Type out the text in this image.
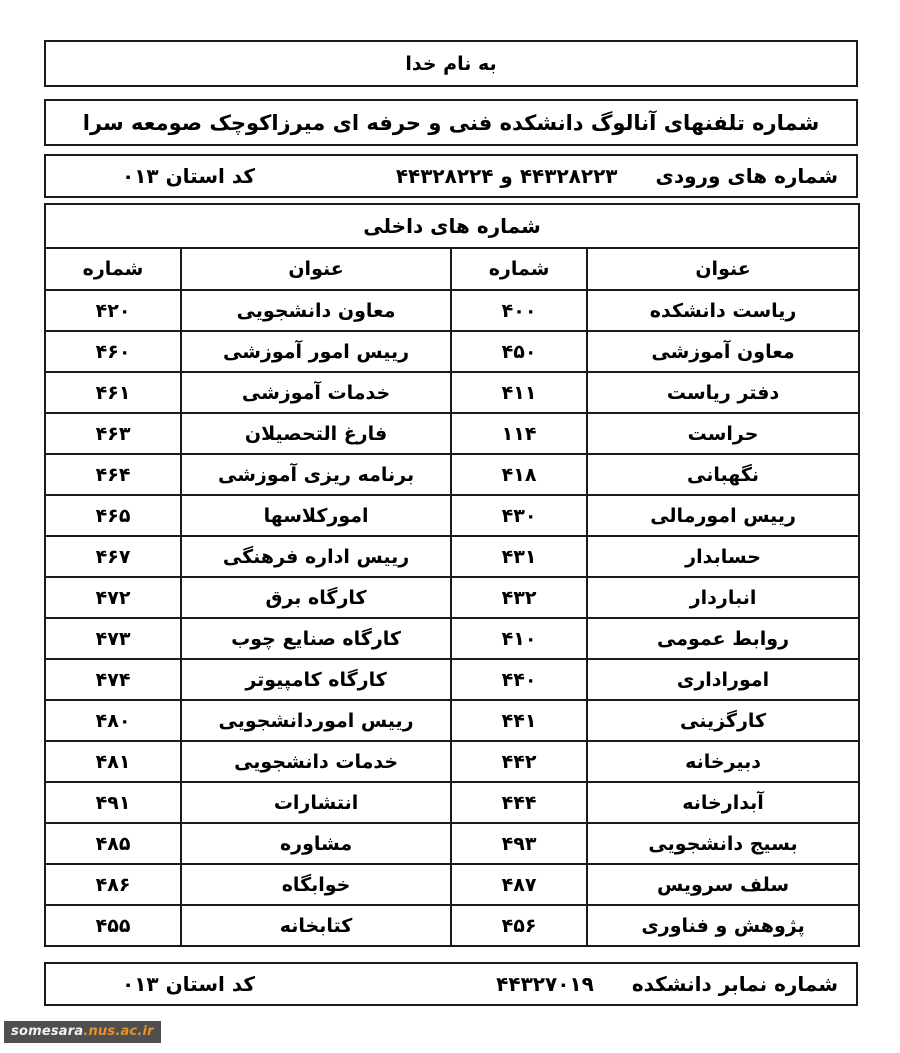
به نام خدا
شماره تلفنهای آنالوگ دانشکده فنی و حرفه ای میرزاکوچک صومعه سرا
شماره های ورودی
۴۴۳۲۸۲۲۳ و ۴۴۳۲۸۲۲۴
کد استان ۰۱۳
شماره های داخلی			
عنوان	شماره	عنوان	شماره
ریاست دانشکده	۴۰۰	معاون دانشجویی	۴۲۰
معاون آموزشی	۴۵۰	رییس امور آموزشی	۴۶۰
دفتر ریاست	۴۱۱	خدمات آموزشی	۴۶۱
حراست	۱۱۴	فارغ التحصیلان	۴۶۳
نگهبانی	۴۱۸	برنامه ریزی آموزشی	۴۶۴
رییس امورمالی	۴۳۰	امورکلاسها	۴۶۵
حسابدار	۴۳۱	رییس اداره فرهنگی	۴۶۷
انباردار	۴۳۲	کارگاه برق	۴۷۲
روابط عمومی	۴۱۰	کارگاه صنایع چوب	۴۷۳
اموراداری	۴۴۰	کارگاه کامپیوتر	۴۷۴
کارگزینی	۴۴۱	رییس اموردانشجویی	۴۸۰
دبیرخانه	۴۴۲	خدمات دانشجویی	۴۸۱
آبدارخانه	۴۴۴	انتشارات	۴۹۱
بسیج دانشجویی	۴۹۳	مشاوره	۴۸۵
سلف سرویس	۴۸۷	خوابگاه	۴۸۶
پژوهش و فناوری	۴۵۶	کتابخانه	۴۵۵
شماره نمابر دانشکده
۴۴۳۲۷۰۱۹
کد استان ۰۱۳
somesara.nus.ac.ir
